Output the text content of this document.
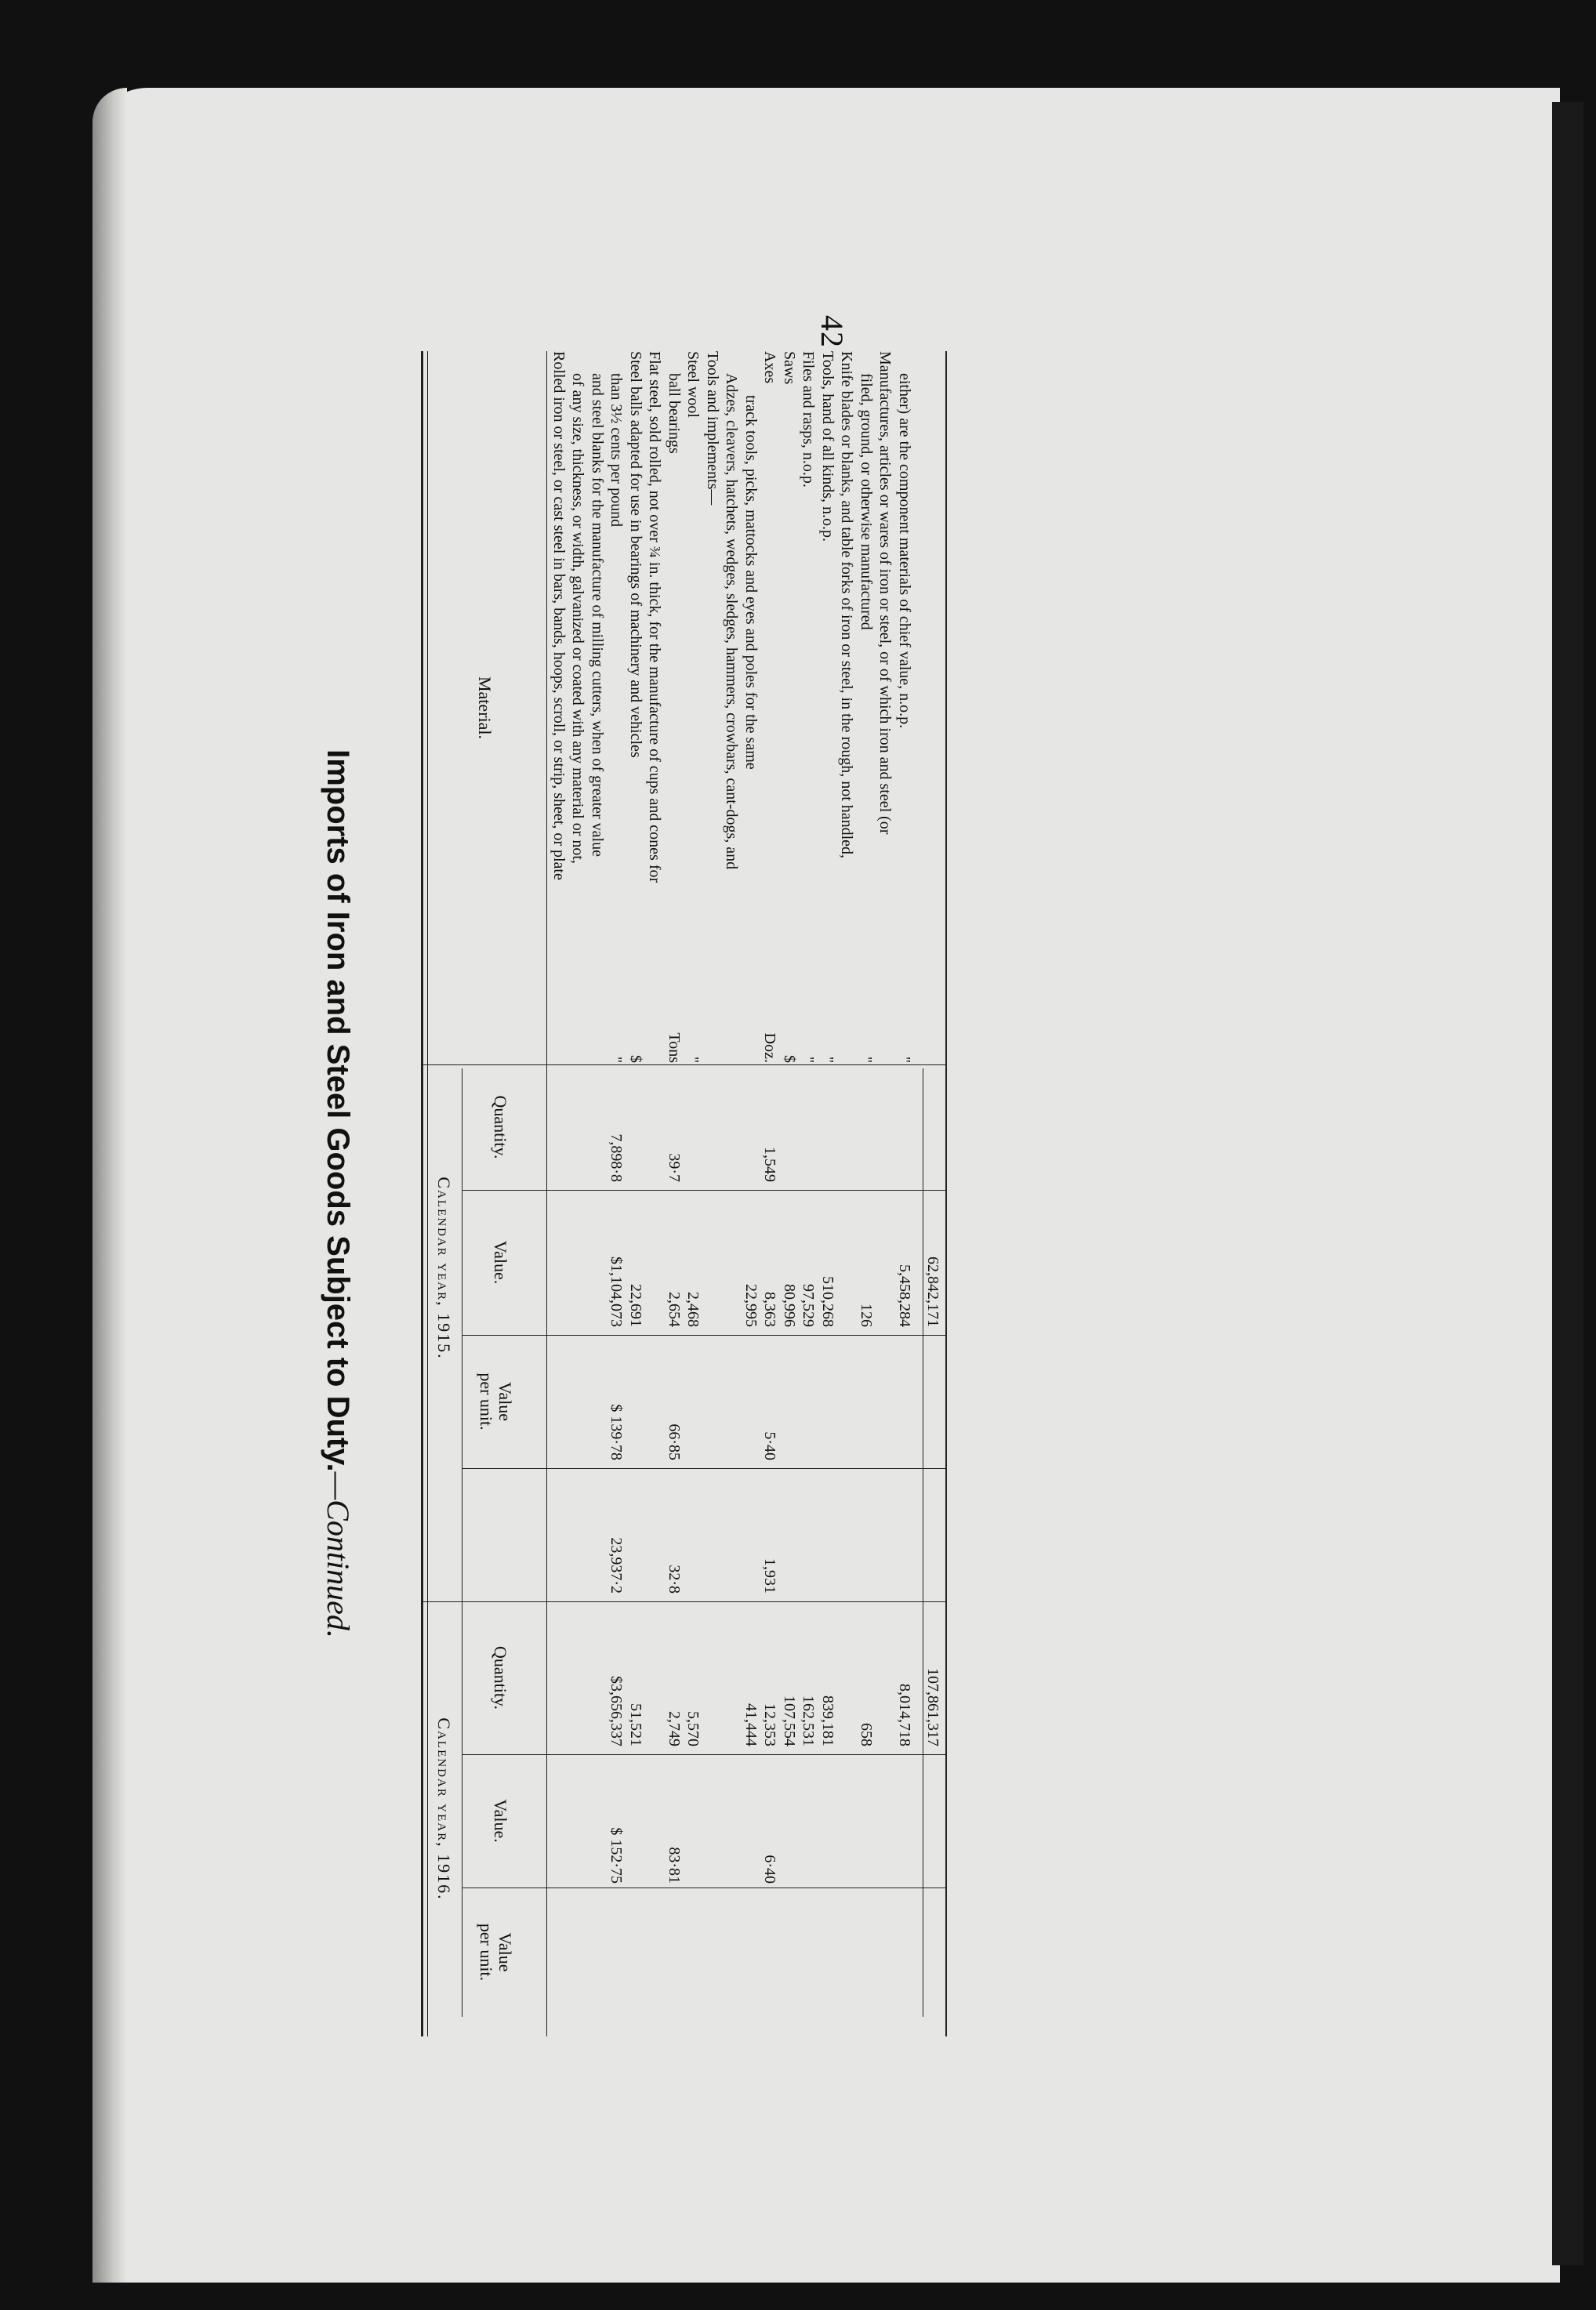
42
Imports of Iron and Steel Goods Subject to Duty.—Continued.
Material.
Calendar year, 1915.
Calendar year, 1916.
Quantity.
Value.
Value
per unit.
Quantity.
Value.
Value
per unit.
Rolled iron or steel, or cast steel in bars, bands, hoops, scroll, or strip, sheet, or plate of any size, thickness, or width, galvanized or coated with any material or not, and steel blanks for the manufacture of milling cutters, when of greater value than 3½ cents per pound
"
7,898·8
$1,104,073
$ 139·78
23,937·2
$3,656,337
$ 152·75
Steel balls adapted for use in bearings of machinery and vehicles
$
22,691
51,521
Flat steel, sold rolled, not over ¾ in. thick, for the manufacture of cups and cones for ball bearings
Tons
39·7
2,654
66·85
32·8
2,749
83·81
Steel wool
"
2,468
5,570
Tools and implements— Adzes, cleavers, hatchets, wedges, sledges, hammers, crowbars, cant-dogs, and track tools, picks, mattocks and eyes and poles for the same
22,995
41,444
Axes
Doz.
1,549
8,363
5·40
1,931
12,353
6·40
Saws
$
80,996
107,554
Files and rasps, n.o.p.
"
97,529
162,531
Tools, hand of all kinds, n.o.p.
"
510,268
839,181
Knife blades or blanks, and table forks of iron or steel, in the rough, not handled, filed, ground, or otherwise manufactured
"
126
658
Manufactures, articles or wares of iron or steel, or of which iron and steel (or either) are the component materials of chief value, n.o.p.
"
5,458,284
8,014,718
62,842,171
107,861,317
